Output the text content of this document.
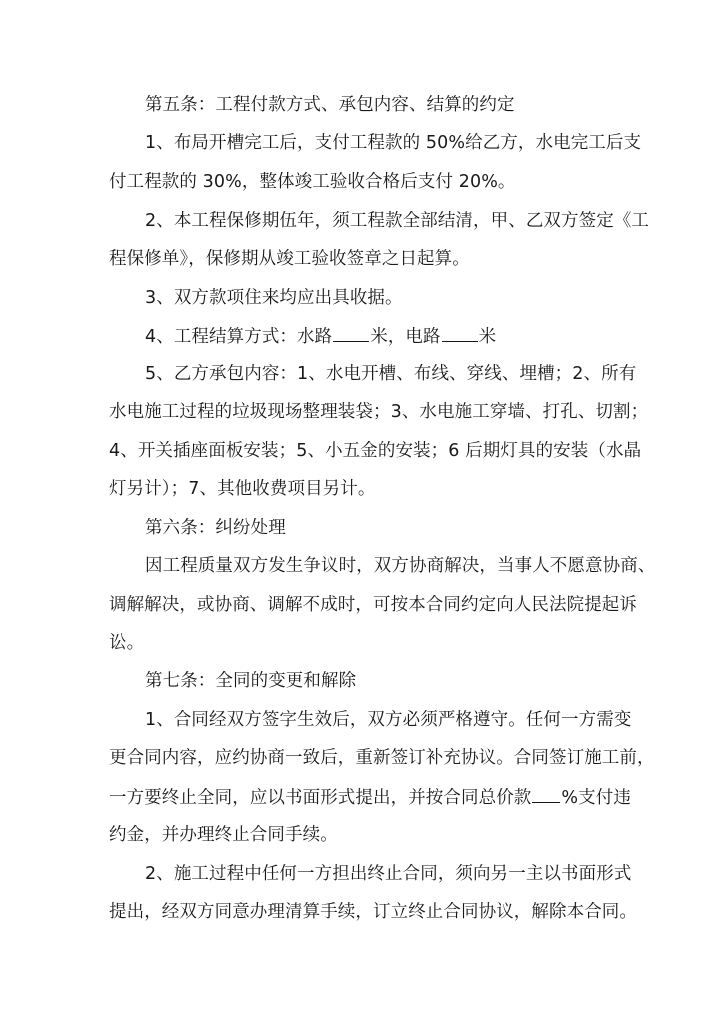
第五条：工程付款方式、承包内容、结算的约定
1、布局开槽完工后，支付工程款的 50%给乙方，水电完工后支
付工程款的 30%，整体竣工验收合格后支付 20%。
2、本工程保修期伍年，须工程款全部结清，甲、乙双方签定《工
程保修单》，保修期从竣工验收签章之日起算。
3、双方款项住来均应出具收据。
4、工程结算方式：水路 米，电路 米
5、乙方承包内容：1、水电开槽、布线、穿线、埋槽；2、所有
水电施工过程的垃圾现场整理装袋；3、水电施工穿墙、打孔、切割；
4、开关插座面板安装；5、小五金的安装；6 后期灯具的安装（水晶
灯另计）；7、其他收费项目另计。
第六条：纠纷处理
因工程质量双方发生争议时，双方协商解决，当事人不愿意协商、
调解解决，或协商、调解不成时，可按本合同约定向人民法院提起诉
讼。
第七条：全同的变更和解除
1、合同经双方签字生效后，双方必须严格遵守。任何一方需变
更合同内容，应约协商一致后，重新签订补充协议。合同签订施工前，
一方要终止全同，应以书面形式提出，并按合同总价款 %支付违
约金，并办理终止合同手续。
2、施工过程中任何一方担出终止合同，须向另一主以书面形式
提出，经双方同意办理清算手续，订立终止合同协议，解除本合同。
